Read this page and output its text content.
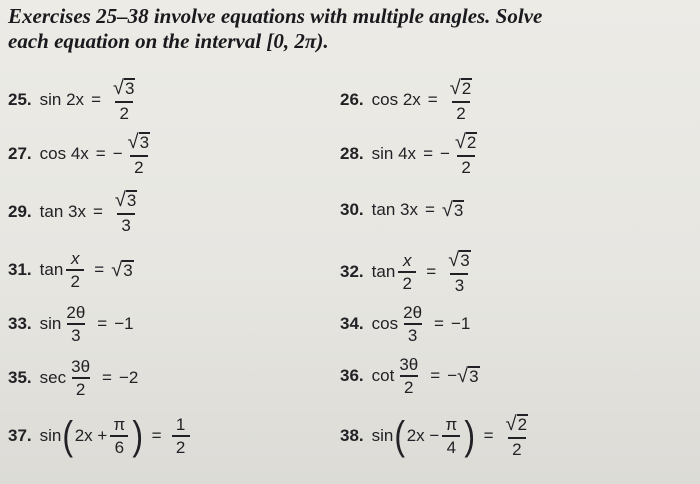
Exercises 25–38 involve equations with multiple angles. Solve
each equation on the interval [0, 2π).
25. $\sin 2x = \frac{√ 3}{2}$	26. $\cos 2x = \frac{√ 2}{2}$
27. cos 4x = − $\frac{√ 3}{2}$	28. sin 4x = − $\frac{√ 2}{2}$
29. $\tan 3x = \frac{√ 3}{3}$	30. tan 3x = √ 3
31. $\tan \frac{x}{2}$ = √ 3	32. $\tan \frac{x}{2} = \frac{√ 3}{3}$
33. $\sin \frac{2\theta}{3} = -1$	34. $\cos \frac{2\theta}{3} = -1$
35. $\sec \frac{3\theta}{2} = -2$	36. $\cot \frac{3\theta}{2}$ = − √ 3
37. sin ( $2x + \frac{\pi}{6}$ ) = $\frac{1}{2}$	38. sin ( $2x - \frac{\pi}{4}$ ) = $\frac{√ 2}{2}$
